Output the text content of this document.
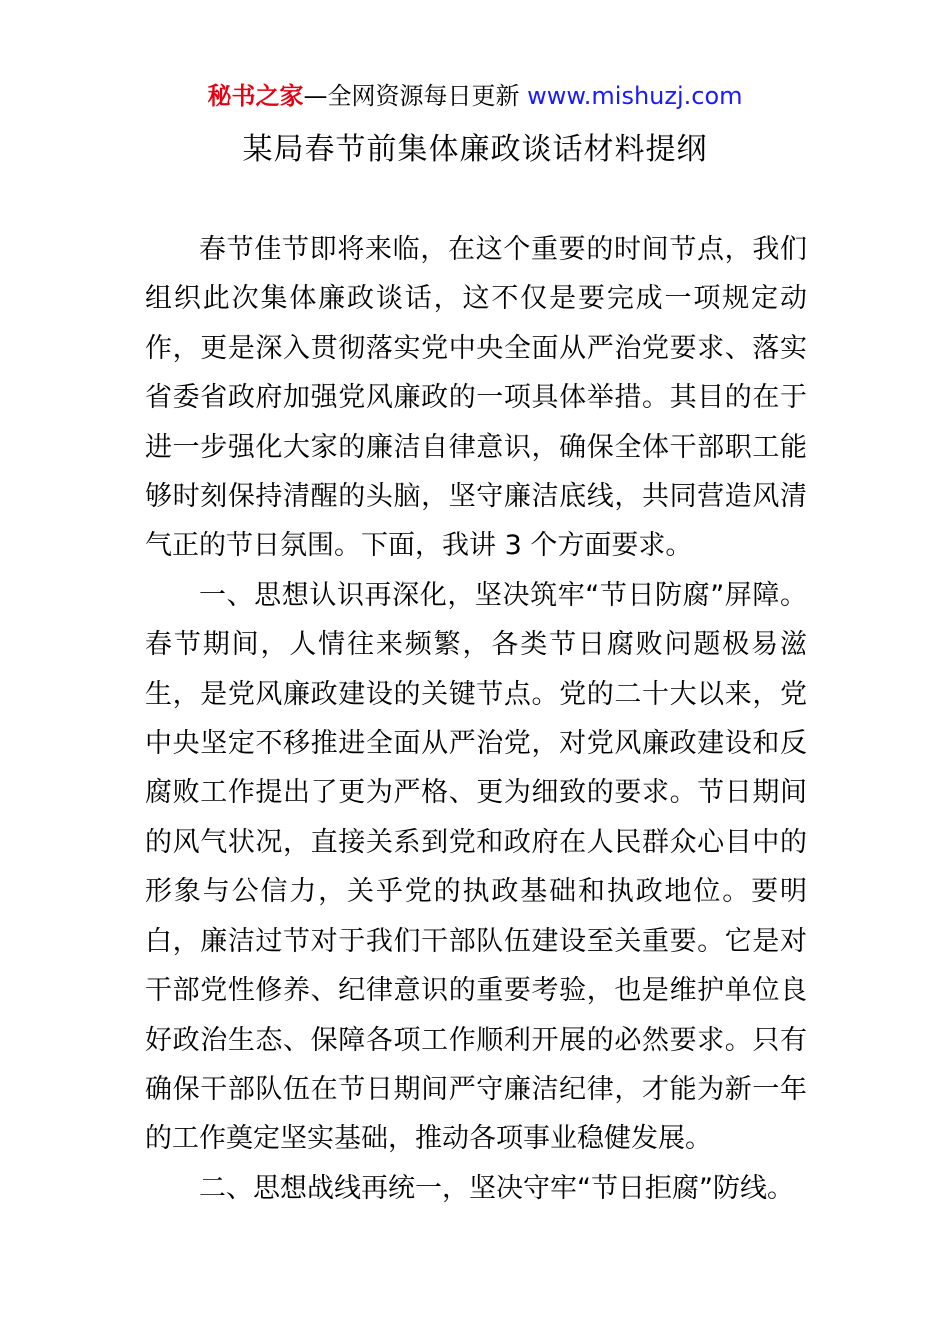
秘书之家—全网资源每日更新 www.mishuzj.com
某局春节前集体廉政谈话材料提纲

春节佳节即将来临，在这个重要的时间节点，我们组织此次集体廉政谈话，这不仅是要完成一项规定动作，更是深入贯彻落实党中央全面从严治党要求、落实省委省政府加强党风廉政的一项具体举措。其目的在于进一步强化大家的廉洁自律意识，确保全体干部职工能够时刻保持清醒的头脑，坚守廉洁底线，共同营造风清气正的节日氛围。下面，我讲 3 个方面要求。

一、思想认识再深化，坚决筑牢“节日防腐”屏障。春节期间，人情往来频繁，各类节日腐败问题极易滋生，是党风廉政建设的关键节点。党的二十大以来，党中央坚定不移推进全面从严治党，对党风廉政建设和反腐败工作提出了更为严格、更为细致的要求。节日期间的风气状况，直接关系到党和政府在人民群众心目中的形象与公信力，关乎党的执政基础和执政地位。要明白，廉洁过节对于我们干部队伍建设至关重要。它是对干部党性修养、纪律意识的重要考验，也是维护单位良好政治生态、保障各项工作顺利开展的必然要求。只有确保干部队伍在节日期间严守廉洁纪律，才能为新一年的工作奠定坚实基础，推动各项事业稳健发展。

二、思想战线再统一，坚决守牢“节日拒腐”防线。
